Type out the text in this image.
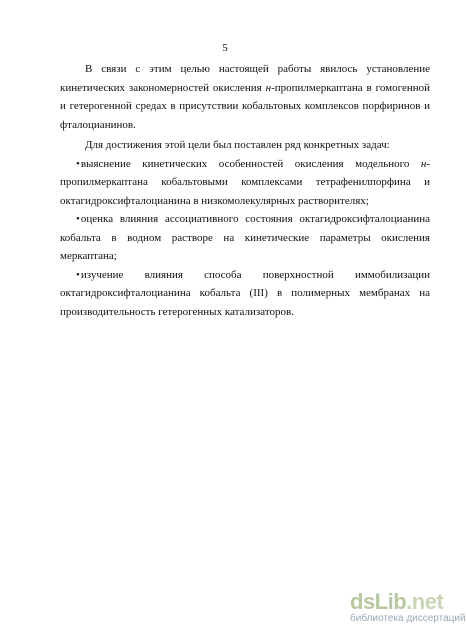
5

В связи с этим целью настоящей работы явилось установление кинетических закономерностей окисления н-пропилмеркаптана в гомогенной и гетерогенной средах в присутствии кобальтовых комплексов порфиринов и фталоцианинов.

Для достижения этой цели был поставлен ряд конкретных задач:

•выяснение кинетических особенностей окисления модельного н-пропилмеркаптана кобальтовыми комплексами тетрафенилпорфина и октагидроксифталоцианина в низкомолекулярных растворителях;

•оценка влияния ассоциативного состояния октагидроксифталоцианина кобальта в водном растворе на кинетические параметры окисления меркаптана;

•изучение влияния способа поверхностной иммобилизации октагидроксифталоцианина кобальта (III) в полимерных мембранах на производительность гетерогенных катализаторов.

dsLib.net
библиотека диссертаций
